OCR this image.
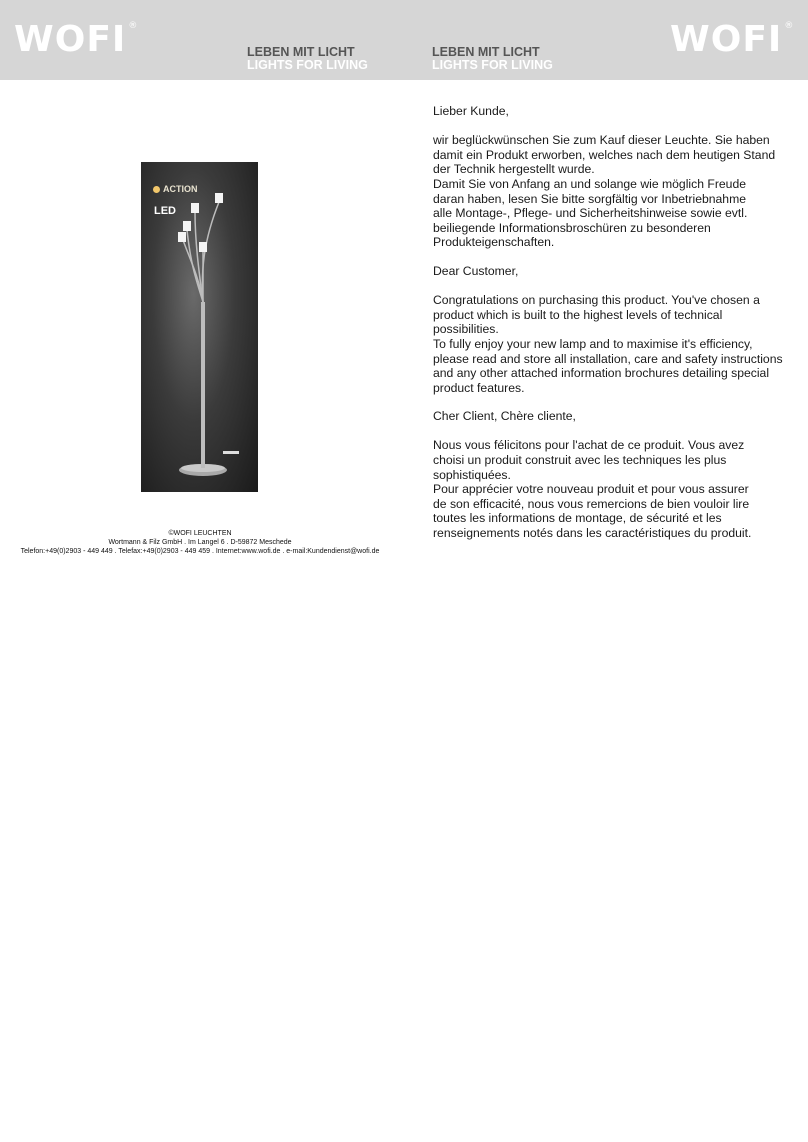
WOFI ®
LEBEN MIT LICHT
LIGHTS FOR LIVING
LEBEN MIT LICHT
LIGHTS FOR LIVING
WOFI ®
ACTION
LED
©WOFI LEUCHTEN
Wortmann & Filz GmbH . Im Langel 6 . D-59872 Meschede
Telefon:+49(0)2903 - 449 449 . Telefax:+49(0)2903 - 449 459 . Internet:www.wofi.de . e-mail:Kundendienst@wofi.de

Lieber Kunde,

wir beglückwünschen Sie zum Kauf dieser Leuchte. Sie haben

damit ein Produkt erworben, welches nach dem heutigen Stand

der Technik hergestellt wurde.

Damit Sie von Anfang an und solange wie möglich Freude

daran haben, lesen Sie bitte sorgfältig vor Inbetriebnahme

alle Montage-, Pflege- und Sicherheitshinweise sowie evtl.

beiliegende Informationsbroschüren zu besonderen

Produkteigenschaften.

Dear Customer,

Congratulations on purchasing this product. You've chosen a

product which is built to the highest levels of technical

possibilities.

To fully enjoy your new lamp and to maximise it's efficiency,

please read and store all installation, care and safety instructions

and any other attached information brochures detailing special

product features.

Cher Client, Chère cliente,

Nous vous félicitons pour l'achat de ce produit. Vous avez

choisi un produit construit avec les techniques les plus

sophistiquées.

Pour apprécier votre nouveau produit et pour vous assurer

de son efficacité, nous vous remercions de bien vouloir lire

toutes les informations de montage, de sécurité et les

renseignements notés dans les caractéristiques du produit.
